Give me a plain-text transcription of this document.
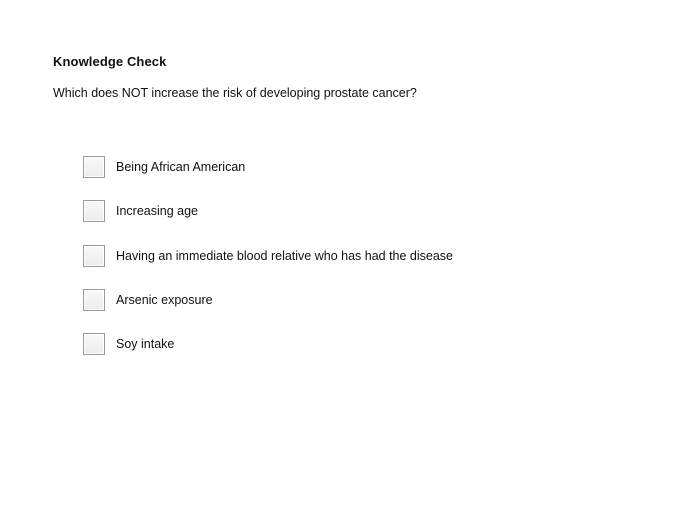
Knowledge Check
Which does NOT increase the risk of developing prostate cancer?
Being African American
Increasing age
Having an immediate blood relative who has had the disease
Arsenic exposure
Soy intake
